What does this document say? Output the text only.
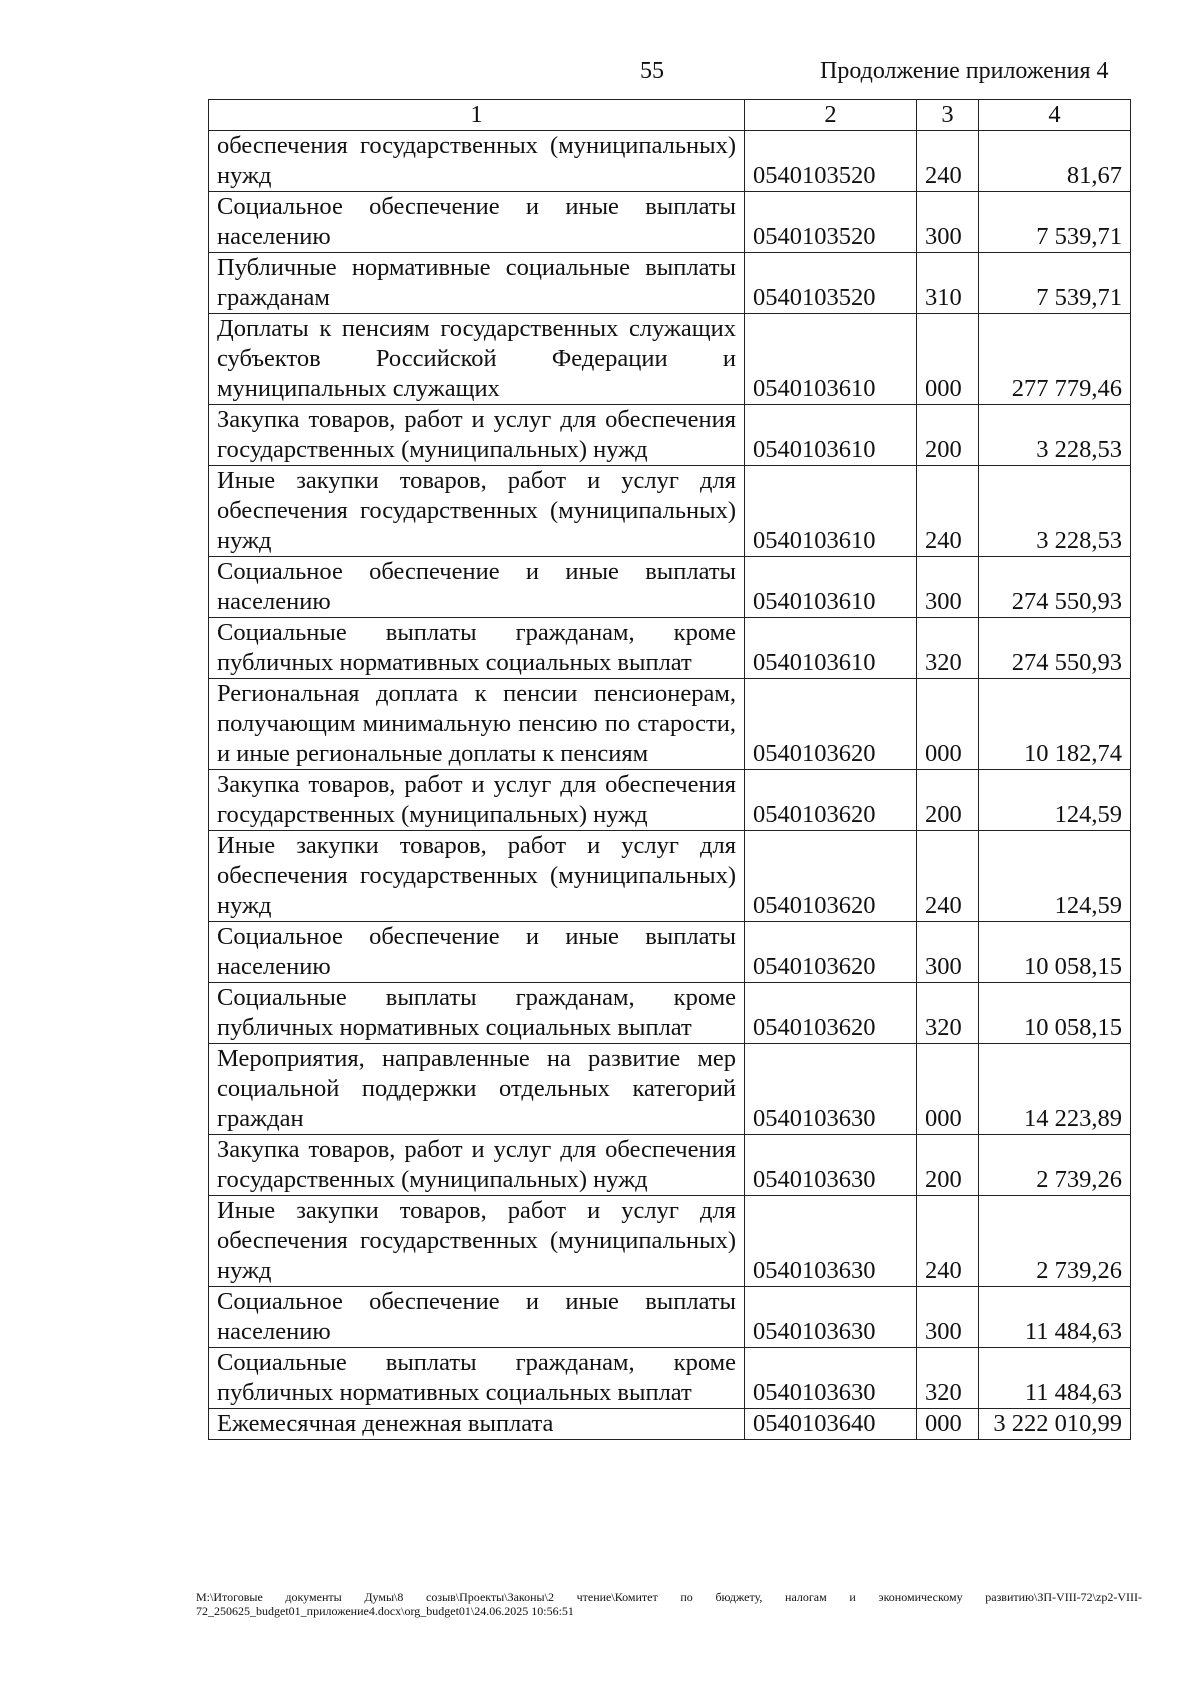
55	Продолжение приложения 4
1	2	3	4
обеспечения государственных (муниципальных) нужд	0540103520	240	81,67
Социальное обеспечение и иные выплаты населению	0540103520	300	7 539,71
Публичные нормативные социальные выплаты гражданам	0540103520	310	7 539,71
Доплаты к пенсиям государственных служащих субъектов Российской Федерации и муниципальных служащих	0540103610	000	277 779,46
Закупка товаров, работ и услуг для обеспечения государственных (муниципальных) нужд	0540103610	200	3 228,53
Иные закупки товаров, работ и услуг для обеспечения государственных (муниципальных) нужд	0540103610	240	3 228,53
Социальное обеспечение и иные выплаты населению	0540103610	300	274 550,93
Социальные выплаты гражданам, кроме публичных нормативных социальных выплат	0540103610	320	274 550,93
Региональная доплата к пенсии пенсионерам, получающим минимальную пенсию по старости, и иные региональные доплаты к пенсиям	0540103620	000	10 182,74
Закупка товаров, работ и услуг для обеспечения государственных (муниципальных) нужд	0540103620	200	124,59
Иные закупки товаров, работ и услуг для обеспечения государственных (муниципальных) нужд	0540103620	240	124,59
Социальное обеспечение и иные выплаты населению	0540103620	300	10 058,15
Социальные выплаты гражданам, кроме публичных нормативных социальных выплат	0540103620	320	10 058,15
Мероприятия, направленные на развитие мер социальной поддержки отдельных категорий граждан	0540103630	000	14 223,89
Закупка товаров, работ и услуг для обеспечения государственных (муниципальных) нужд	0540103630	200	2 739,26
Иные закупки товаров, работ и услуг для обеспечения государственных (муниципальных) нужд	0540103630	240	2 739,26
Социальное обеспечение и иные выплаты населению	0540103630	300	11 484,63
Социальные выплаты гражданам, кроме публичных нормативных социальных выплат	0540103630	320	11 484,63
Ежемесячная денежная выплата	0540103640	000	3 222 010,99
M:\Итоговые документы Думы\8 созыв\Проекты\Законы\2 чтение\Комитет по бюджету, налогам и экономическому развитию\ЗП-VIII-72\zp2-VIII-72_250625_budget01_приложение4.docx\org_budget01\24.06.2025 10:56:51
